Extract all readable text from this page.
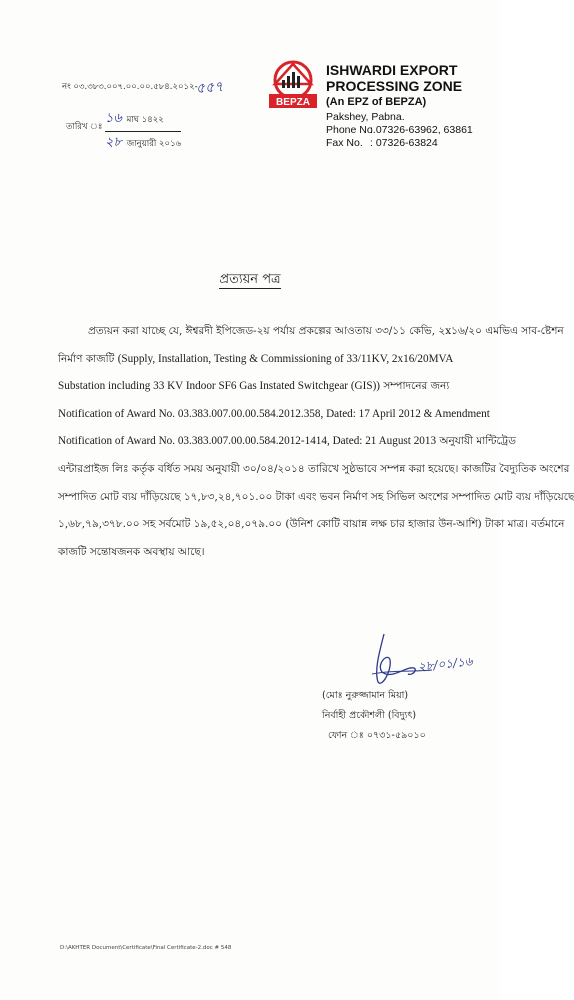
নং ০৩.৩৮৩.০০৭.০০.০০.৫৮৪.২০১২-
৫৫৭
তারিখ ঃ
১৬ মাঘ ১৪২২
২৮ জানুয়ারী ২০১৬
BEPZA
ISHWARDI EXPORT
PROCESSING ZONE
(An EPZ of BEPZA)
Pakshey, Pabna.
Phone No.
: 07326-63962, 63861
Fax No. : 07326-63824
প্রত্যয়ন পত্র
প্রত্যয়ন করা যাচ্ছে যে, ঈশ্বরদী ইপিজেড-২য় পর্যায় প্রকল্পের আওতায় ৩৩/১১ কেভি, ২x১৬/২০ এমভিএ সাব-ষ্টেশন
নির্মাণ কাজটি (Supply, Installation, Testing & Commissioning of 33/11KV, 2x16/20MVA
Substation including 33 KV Indoor SF6 Gas Instated Switchgear (GIS)) সম্পাদনের জন্য
Notification of Award No. 03.383.007.00.00.584.2012.358, Dated: 17 April 2012 & Amendment
Notification of Award No. 03.383.007.00.00.584.2012-1414, Dated: 21 August 2013 অনুযায়ী মান্টিট্রেড
এন্টারপ্রাইজ লিঃ কর্তৃক বর্ধিত সময় অনুযায়ী ৩০/০৪/২০১৪ তারিখে সুষ্ঠভাবে সম্পন্ন করা হয়েছে। কাজটির বৈদ্যুতিক অংশের
সম্পাদিত মোট ব্যয় দাঁড়িয়েছে ১৭,৮৩,২৪,৭০১.০০ টাকা এবং ভবন নির্মাণ সহ সিভিল অংশের সম্পাদিত মোট ব্যয় দাঁড়িয়েছে
১,৬৮,৭৯,৩৭৮.০০ সহ সর্বমোট ১৯,৫২,০৪,০৭৯.০০ (উনিশ কোটি বায়ান্ন লক্ষ চার হাজার উন-আশি) টাকা মাত্র। বর্তমানে
কাজটি সন্তোষজনক অবস্থায় আছে।
২৮/০১/১৬
(মোঃ নুরুজ্জামান মিয়া)
নির্বাহী প্রকৌশলী (বিদ্যুৎ)
ফোন ঃ ০৭৩১-৫৯০১০
D:\AKHTER Document\Certificate\Final Certificate-2.doc # 548
